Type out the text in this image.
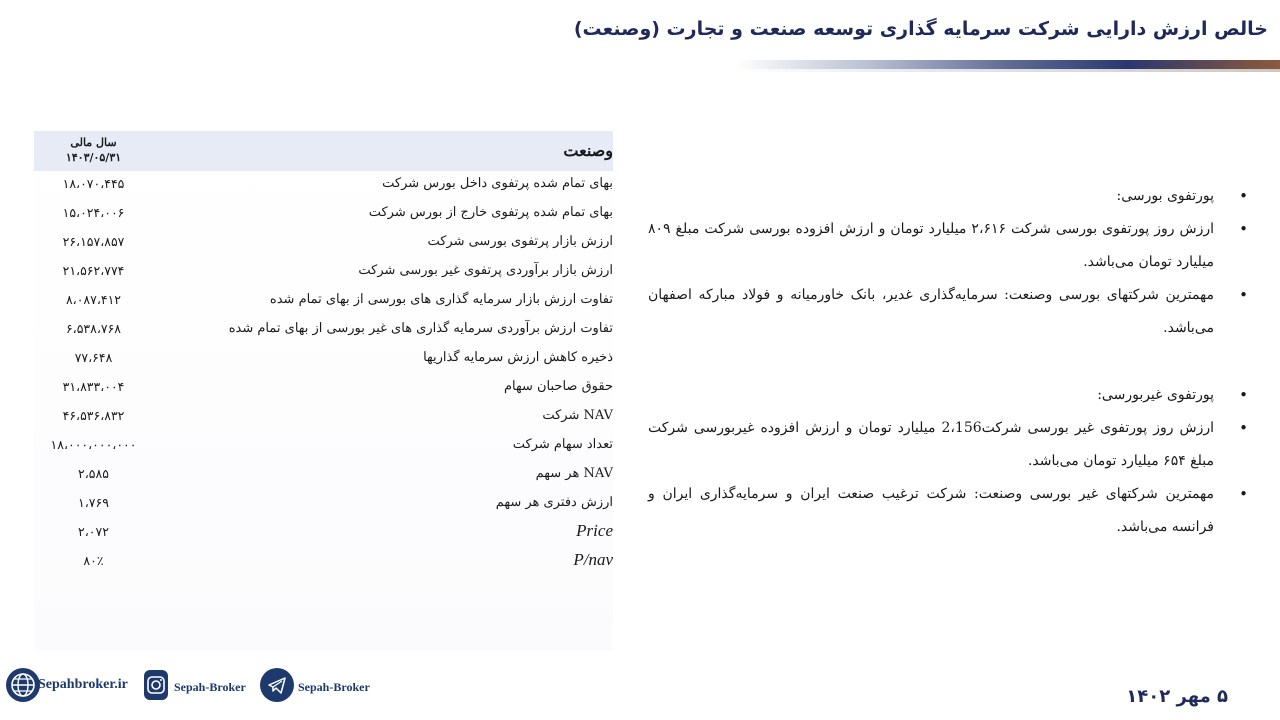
خالص ارزش دارایی شرکت سرمایه گذاری توسعه صنعت و تجارت (وصنعت)
وصنعت
سال مالی
۱۴۰۳/۰۵/۳۱
بهای تمام شده پرتفوی داخل بورس شرکت
۱۸،۰۷۰،۴۴۵
بهای تمام شده پرتفوی خارج از بورس شرکت
۱۵،۰۲۴،۰۰۶
ارزش بازار پرتفوی بورسی شرکت
۲۶،۱۵۷،۸۵۷
ارزش بازار برآوردی پرتفوی غیر بورسی شرکت
۲۱،۵۶۲،۷۷۴
تفاوت ارزش بازار سرمایه گذاری های بورسی از بهای تمام شده
۸،۰۸۷،۴۱۲
تفاوت ارزش برآوردی سرمایه گذاری های غیر بورسی از بهای تمام شده
۶،۵۳۸،۷۶۸
ذخیره کاهش ارزش سرمایه گذاریها
۷۷،۶۴۸
حقوق صاحبان سهام
۳۱،۸۳۳،۰۰۴
NAV شرکت
۴۶،۵۳۶،۸۳۲
تعداد سهام شرکت
۱۸،۰۰۰،۰۰۰،۰۰۰
NAV هر سهم
۲،۵۸۵
ارزش دفتری هر سهم
۱،۷۶۹
Price
۲،۰۷۲
P/nav
۸۰٪
• پورتفوی بورسی:
• ارزش روز پورتفوی بورسی شرکت ۲،۶۱۶ میلیارد تومان و ارزش افزوده بورسی شرکت مبلغ ۸۰۹ میلیارد تومان می‌باشد.
• مهمترین شرکتهای بورسی وصنعت: سرمایه‌گذاری غدیر، بانک خاورمیانه و فولاد مبارکه اصفهان می‌باشد.
• پورتفوی غیربورسی:
• ارزش روز پورتفوی غیر بورسی شرکت2،156 میلیارد تومان و ارزش افزوده غیربورسی شرکت مبلغ ۶۵۴ میلیارد تومان می‌باشد.
• مهمترین شرکتهای غیر بورسی وصنعت: شرکت ترغیب صنعت ایران و سرمایه‌گذاری ایران و فرانسه می‌باشد.
۵ مهر ۱۴۰۲
Sepahbroker.ir	Sepah-Broker	Sepah-Broker
